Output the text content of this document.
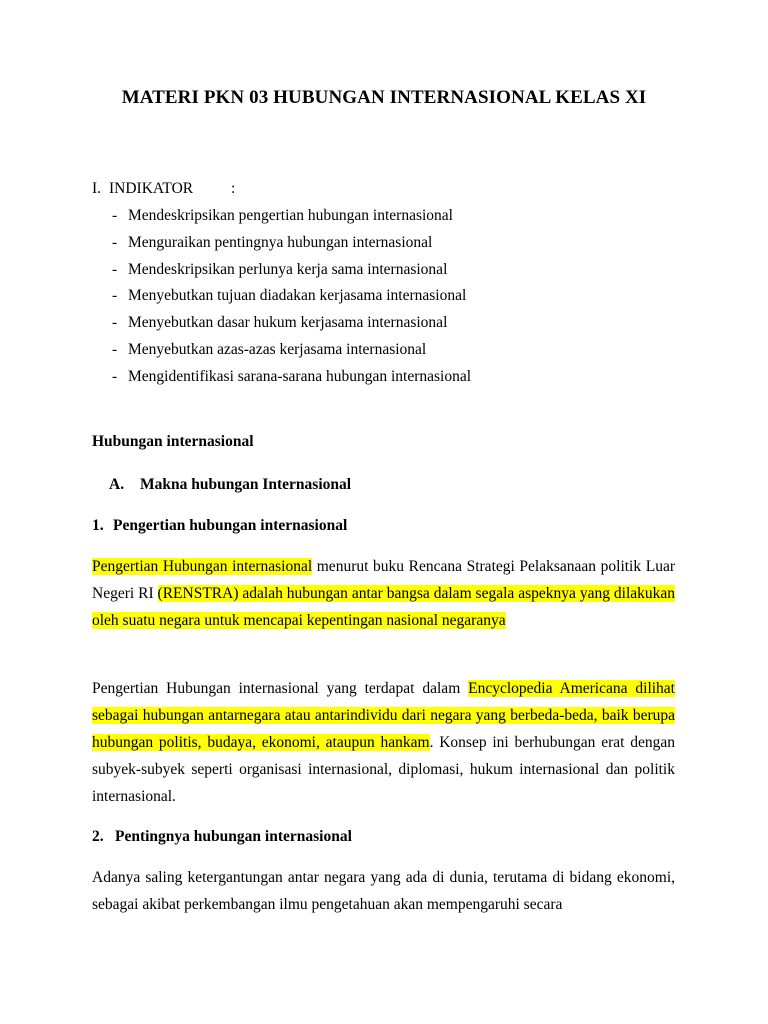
MATERI PKN 03 HUBUNGAN INTERNASIONAL KELAS XI
I. INDIKATOR :
- Mendeskripsikan pengertian hubungan internasional
- Menguraikan pentingnya hubungan internasional
- Mendeskripsikan perlunya kerja sama internasional
- Menyebutkan tujuan diadakan kerjasama internasional
- Menyebutkan dasar hukum kerjasama internasional
- Menyebutkan azas-azas kerjasama internasional
- Mengidentifikasi sarana-sarana hubungan internasional
Hubungan internasional
A. Makna hubungan Internasional
1. Pengertian hubungan internasional
Pengertian Hubungan internasional menurut buku Rencana Strategi Pelaksanaan politik Luar Negeri RI (RENSTRA) adalah hubungan antar bangsa dalam segala aspeknya yang dilakukan oleh suatu negara untuk mencapai kepentingan nasional negaranya
Pengertian Hubungan internasional yang terdapat dalam Encyclopedia Americana dilihat sebagai hubungan antarnegara atau antarindividu dari negara yang berbeda-beda, baik berupa hubungan politis, budaya, ekonomi, ataupun hankam. Konsep ini berhubungan erat dengan subyek-subyek seperti organisasi internasional, diplomasi, hukum internasional dan politik internasional.
2. Pentingnya hubungan internasional
Adanya saling ketergantungan antar negara yang ada di dunia, terutama di bidang ekonomi, sebagai akibat perkembangan ilmu pengetahuan akan mempengaruhi secara
